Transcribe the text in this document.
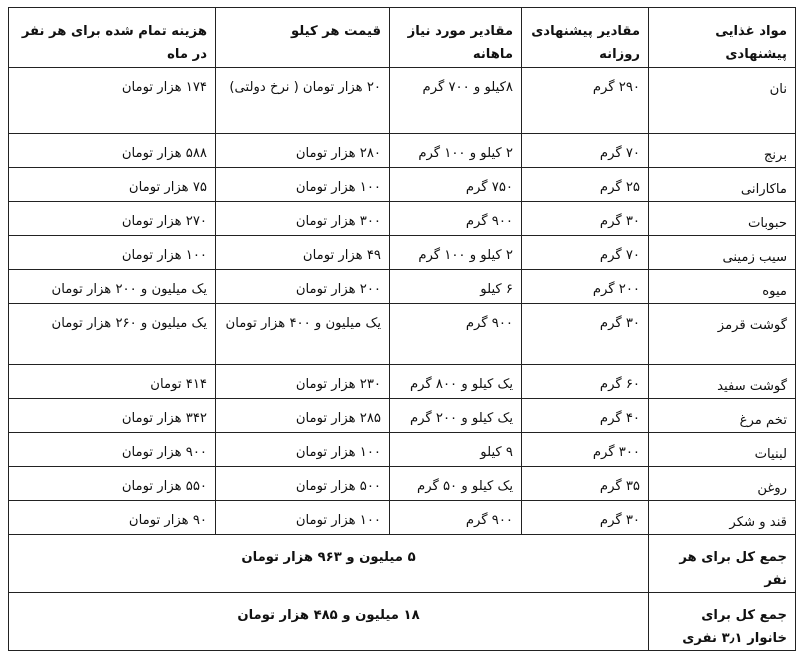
مواد غذایی پیشنهادی	مقادیر پیشنهادی روزانه	مقادیر مورد نیاز ماهانه	قیمت هر کیلو	هزینه تمام شده برای هر نفر در ماه
نان	۲۹۰ گرم	۸کیلو و ۷۰۰ گرم	۲۰ هزار تومان ( نرخ دولتی)	۱۷۴ هزار تومان
برنج	۷۰ گرم	۲ کیلو و ۱۰۰ گرم	۲۸۰ هزار تومان	۵۸۸ هزار تومان
ماکارانی	۲۵ گرم	۷۵۰ گرم	۱۰۰ هزار تومان	۷۵ هزار تومان
حبوبات	۳۰ گرم	۹۰۰ گرم	۳۰۰ هزار تومان	۲۷۰ هزار تومان
سیب زمینی	۷۰ گرم	۲ کیلو و ۱۰۰ گرم	۴۹ هزار تومان	۱۰۰ هزار تومان
میوه	۲۰۰ گرم	۶ کیلو	۲۰۰ هزار تومان	یک میلیون و ۲۰۰ هزار تومان
گوشت قرمز	۳۰ گرم	۹۰۰ گرم	یک میلیون و ۴۰۰ هزار تومان	یک میلیون و ۲۶۰ هزار تومان
گوشت سفید	۶۰ گرم	یک کیلو و ۸۰۰ گرم	۲۳۰ هزار تومان	۴۱۴ تومان
تخم مرغ	۴۰ گرم	یک کیلو و ۲۰۰ گرم	۲۸۵ هزار تومان	۳۴۲ هزار تومان
لبنیات	۳۰۰ گرم	۹ کیلو	۱۰۰ هزار تومان	۹۰۰ هزار تومان
روغن	۳۵ گرم	یک کیلو و ۵۰ گرم	۵۰۰ هزار تومان	۵۵۰ هزار تومان
قند و شکر	۳۰ گرم	۹۰۰ گرم	۱۰۰ هزار تومان	۹۰ هزار تومان
جمع کل برای هر نفر	۵ میلیون و ۹۶۳ هزار تومان			
جمع کل برای خانوار ۳٫۱ نفری	۱۸ میلیون و ۴۸۵ هزار تومان			
